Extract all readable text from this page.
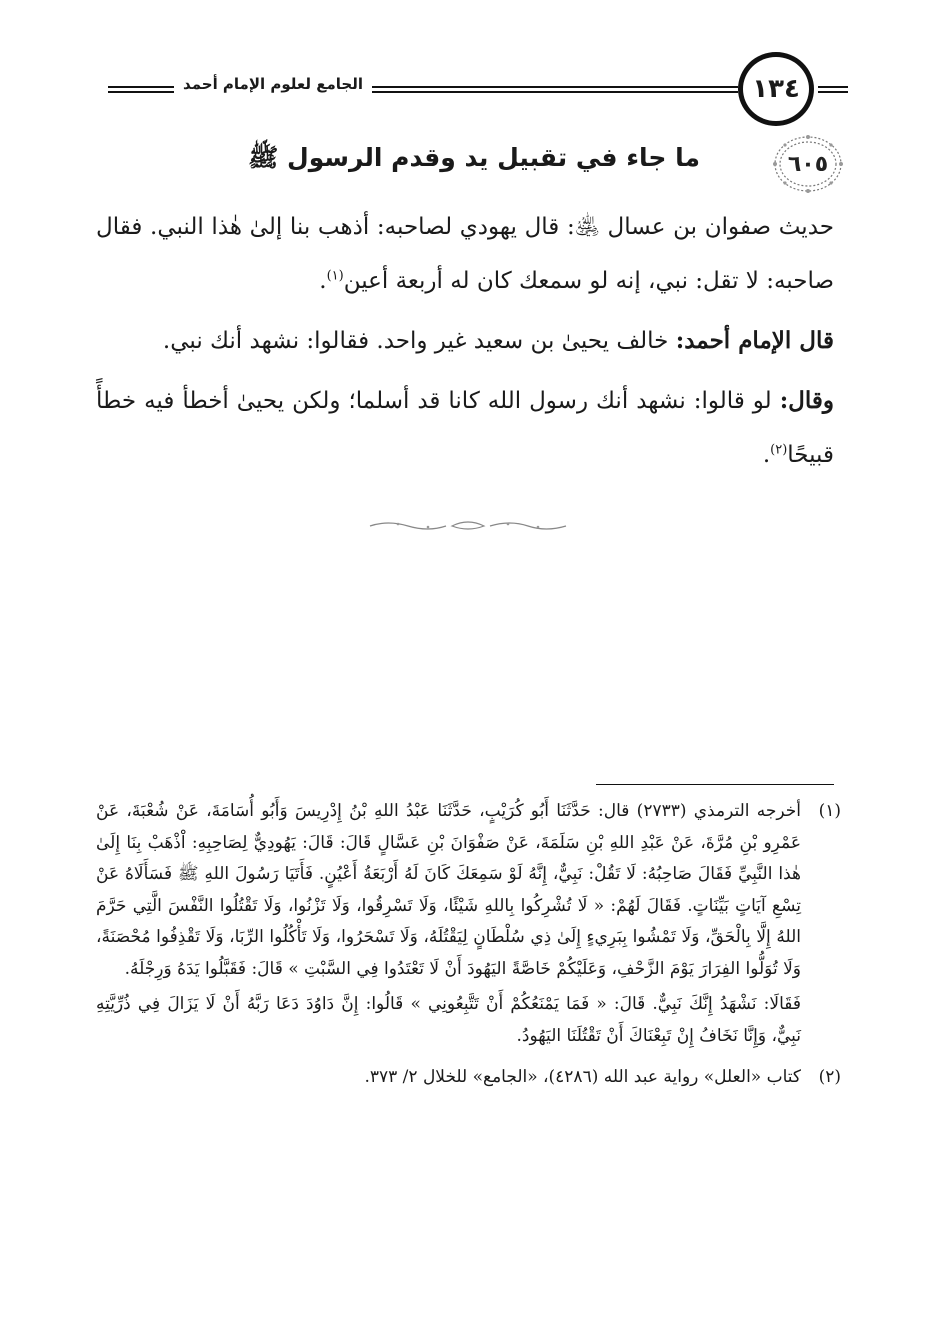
١٣٤
الجامع لعلوم الإمام أحمد
٦٠٥
ما جاء في تقبيل يد وقدم الرسول ﷺ

حديث صفوان بن عسال ﵁: قال يهودي لصاحبه: أذهب بنا إلىٰ هٰذا النبي. فقال صاحبه: لا تقل: نبي، إنه لو سمعك كان له أربعة أعين$^{(١)}$.

قال الإمام أحمد: خالف يحيىٰ بن سعيد غير واحد. فقالوا: نشهد أنك نبي.

وقال: لو قالوا: نشهد أنك رسول الله كانا قد أسلما؛ ولكن يحيىٰ أخطأ فيه خطأً قبيحًا$^{(٢)}$.

(١)

أخرجه الترمذي (٢٧٣٣) قال: حَدَّثَنَا أَبُو كُرَيْبٍ، حَدَّثَنَا عَبْدُ اللهِ بْنُ إِدْرِيسَ وَأَبُو أُسَامَةَ، عَنْ شُعْبَةَ، عَنْ عَمْرِو بْنِ مُرَّةَ، عَنْ عَبْدِ اللهِ بْنِ سَلَمَةَ، عَنْ صَفْوَانَ بْنِ عَسَّالٍ قَالَ: قَالَ: يَهُودِيٌّ لِصَاحِبِهِ: اْذْهَبْ بِنَا إِلَىٰ هٰذا النَّبِيِّ فَقَالَ صَاحِبُهُ: لَا تَقُلْ: نَبِيٌّ، إِنَّهُ لَوْ سَمِعَكَ كَانَ لَهُ أَرْبَعَةُ أَعْيُنٍ. فَأَتَيَا رَسُولَ اللهِ ﷺ فَسَأَلَاهُ عَنْ تِسْعِ آيَاتٍ بَيِّنَاتٍ. فَقَالَ لَهُمْ: « لَا تُشْرِكُوا بِاللهِ شَيْئًا، وَلَا تَسْرِقُوا، وَلَا تَزْنُوا، وَلَا تَقْتُلُوا النَّفْسَ الَّتِي حَرَّمَ اللهُ إِلَّا بِالْحَقِّ، وَلَا تَمْشُوا بِبَرِيءٍ إِلَىٰ ذِي سُلْطَانٍ لِيَقْتُلَهُ، وَلَا تَسْحَرُوا، وَلَا تَأْكُلُوا الرِّبَا، وَلَا تَقْذِفُوا مُحْصَنَةً، وَلَا تُوَلُّوا الفِرَارَ يَوْمَ الزَّحْفِ، وَعَلَيْكُمْ خَاصَّةً اليَهُودَ أَنْ لَا تَعْتَدُوا فِي السَّبْتِ » قَالَ: فَقَبَّلُوا يَدَهُ وَرِجْلَهُ.

فَقَالَا: نَشْهَدُ إِنَّكَ نَبِيٌّ. قَالَ: « فَمَا يَمْنَعُكُمْ أَنْ تَتَّبِعُونِي » قَالُوا: إِنَّ دَاوُدَ دَعَا رَبَّهُ أَنْ لَا يَزَالَ فِي ذُرِّيَّتِهِ نَبِيٌّ، وَإِنَّا نَخَافُ إِنْ تَبِعْنَاكَ أَنْ تَقْتُلَنَا اليَهُودُ.

(٢)

كتاب «العلل» رواية عبد الله (٤٢٨٦)، «الجامع» للخلال ٢/ ٣٧٣.
